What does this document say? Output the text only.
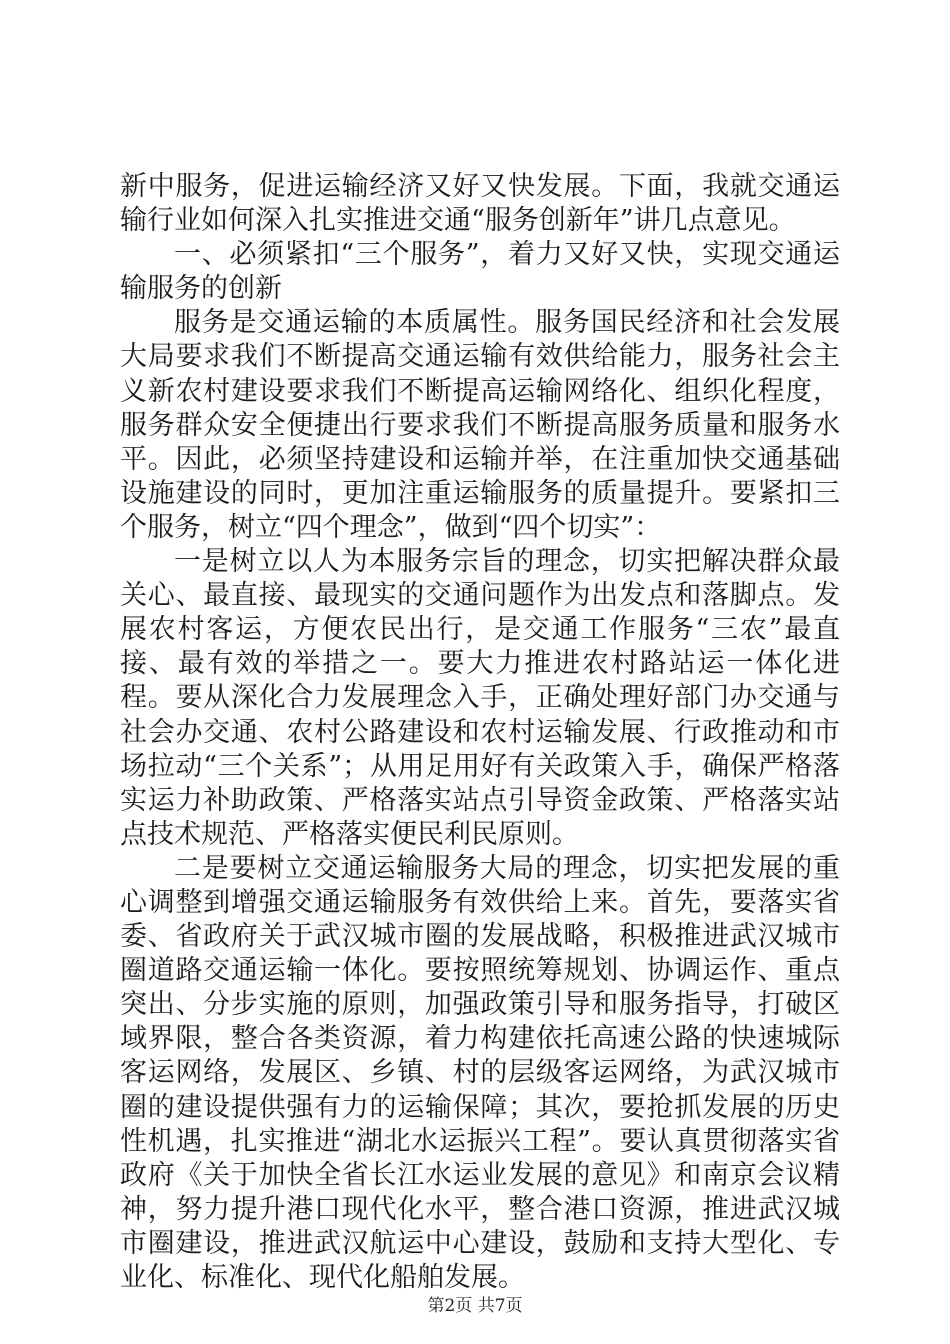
新中服务，促进运输经济又好又快发展。下面，我就交通运输行业如何深入扎实推进交通“服务创新年”讲几点意见。

一、必须紧扣“三个服务”，着力又好又快，实现交通运输服务的创新

服务是交通运输的本质属性。服务国民经济和社会发展大局要求我们不断提高交通运输有效供给能力，服务社会主义新农村建设要求我们不断提高运输网络化、组织化程度，服务群众安全便捷出行要求我们不断提高服务质量和服务水平。因此，必须坚持建设和运输并举，在注重加快交通基础设施建设的同时，更加注重运输服务的质量提升。要紧扣三个服务，树立“四个理念”，做到“四个切实”：

一是树立以人为本服务宗旨的理念，切实把解决群众最关心、最直接、最现实的交通问题作为出发点和落脚点。发展农村客运，方便农民出行，是交通工作服务“三农”最直接、最有效的举措之一。要大力推进农村路站运一体化进程。要从深化合力发展理念入手，正确处理好部门办交通与社会办交通、农村公路建设和农村运输发展、行政推动和市场拉动“三个关系”；从用足用好有关政策入手，确保严格落实运力补助政策、严格落实站点引导资金政策、严格落实站点技术规范、严格落实便民利民原则。

二是要树立交通运输服务大局的理念，切实把发展的重心调整到增强交通运输服务有效供给上来。首先，要落实省委、省政府关于武汉城市圈的发展战略，积极推进武汉城市圈道路交通运输一体化。要按照统筹规划、协调运作、重点突出、分步实施的原则，加强政策引导和服务指导，打破区域界限，整合各类资源，着力构建依托高速公路的快速城际客运网络，发展区、乡镇、村的层级客运网络，为武汉城市圈的建设提供强有力的运输保障；其次，要抢抓发展的历史性机遇，扎实推进“湖北水运振兴工程”。要认真贯彻落实省政府《关于加快全省长江水运业发展的意见》和南京会议精神，努力提升港口现代化水平，整合港口资源，推进武汉城市圈建设，推进武汉航运中心建设，鼓励和支持大型化、专业化、标准化、现代化船舶发展。

第2页 共7页
